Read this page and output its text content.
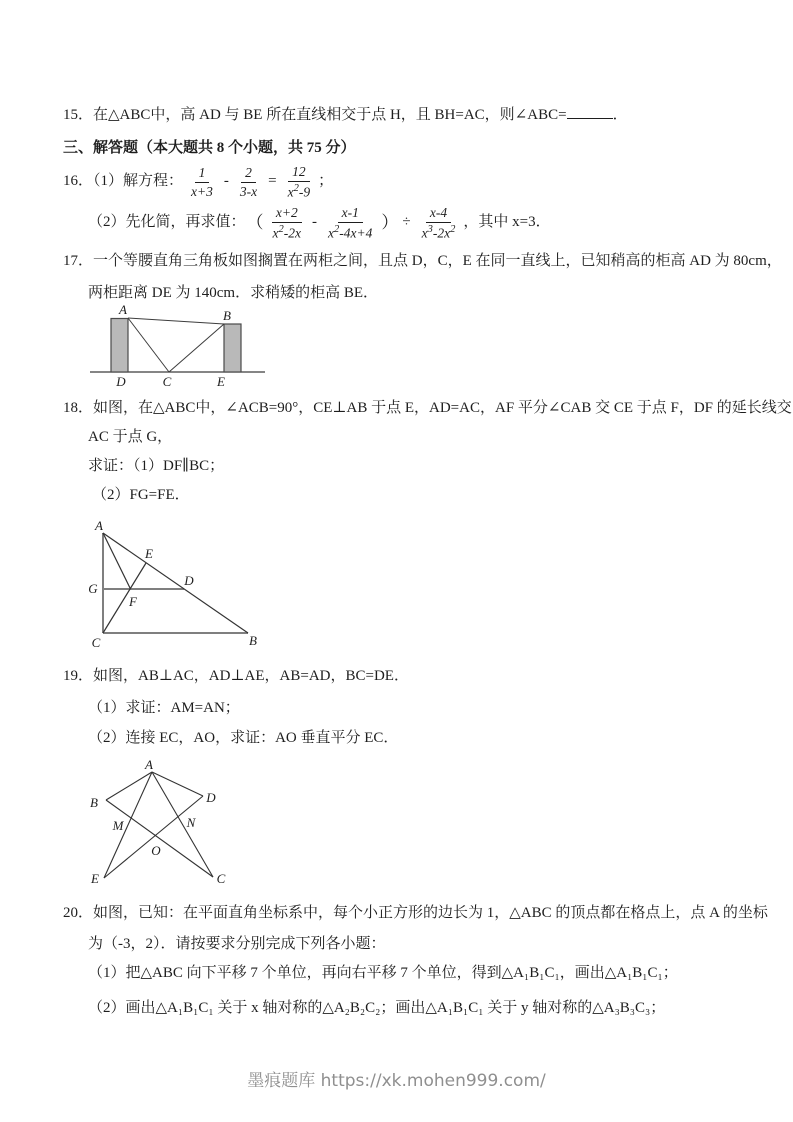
15．在△ABC中，高 AD 与 BE 所在直线相交于点 H，且 BH=AC，则∠ABC=	．
三、解答题（本大题共 8 个小题，共 75 分）
16．（1）解方程： $\frac{1}{x+3} - \frac{2}{3-x} = \frac{12}{x^2-9}$ ；
（2）先化简，再求值： （ $\frac{x+2}{x^2-2x} - \frac{x-1}{x^2-4x+4}$ ） ÷ $\frac{x-4}{x^3-2x^2}$ ，其中 x=3．
17．一个等腰直角三角板如图搁置在两柜之间，且点 D，C，E 在同一直线上，已知稍高的柜高 AD 为 80cm，
两柜距离 DE 为 140cm．求稍矮的柜高 BE．
A	B
D	C	E
18．如图，在△ABC中，∠ACB=90°，CE⊥AB 于点 E，AD=AC，AF 平分∠CAB 交 CE 于点 F，DF 的延长线交
AC 于点 G，
求证：（1）DF∥BC；
（2）FG=FE．
A
E
G
D
F
C	B
19．如图，AB⊥AC，AD⊥AE，AB=AD，BC=DE．
（1）求证：AM=AN；
（2）连接 EC，AO，求证：AO 垂直平分 EC．
A
B	D
M	N
O
E	C
20．如图，已知：在平面直角坐标系中，每个小正方形的边长为 1，△ABC 的顶点都在格点上，点 A 的坐标
为（-3，2）．请按要求分别完成下列各小题：
（1）把△ABC 向下平移 7 个单位，再向右平移 7 个单位，得到△A₁B₁C₁，画出△A₁B₁C₁；
（2）画出△A₁B₁C₁ 关于 x 轴对称的△A₂B₂C₂；画出△A₁B₁C₁ 关于 y 轴对称的△A₃B₃C₃；
墨痕题库 https://xk.mohen999.com/
